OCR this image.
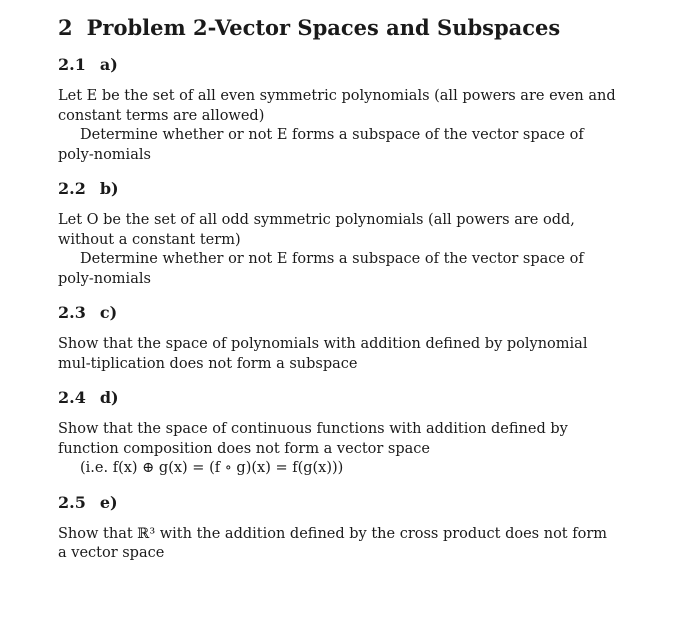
2 Problem 2-Vector Spaces and Subspaces
2.1 a)

Let E be the set of all even symmetric polynomials (all powers are even and constant terms are allowed)

Determine whether or not E forms a subspace of the vector space of poly-nomials

2.2 b)

Let O be the set of all odd symmetric polynomials (all powers are odd, without a constant term)

Determine whether or not E forms a subspace of the vector space of poly-nomials

2.3 c)

Show that the space of polynomials with addition defined by polynomial mul-tiplication does not form a subspace

2.4 d)

Show that the space of continuous functions with addition defined by function composition does not form a vector space

(i.e. f(x) ⊕ g(x) = (f ∘ g)(x) = f(g(x)))

2.5 e)

Show that ℝ³ with the addition defined by the cross product does not form a vector space
